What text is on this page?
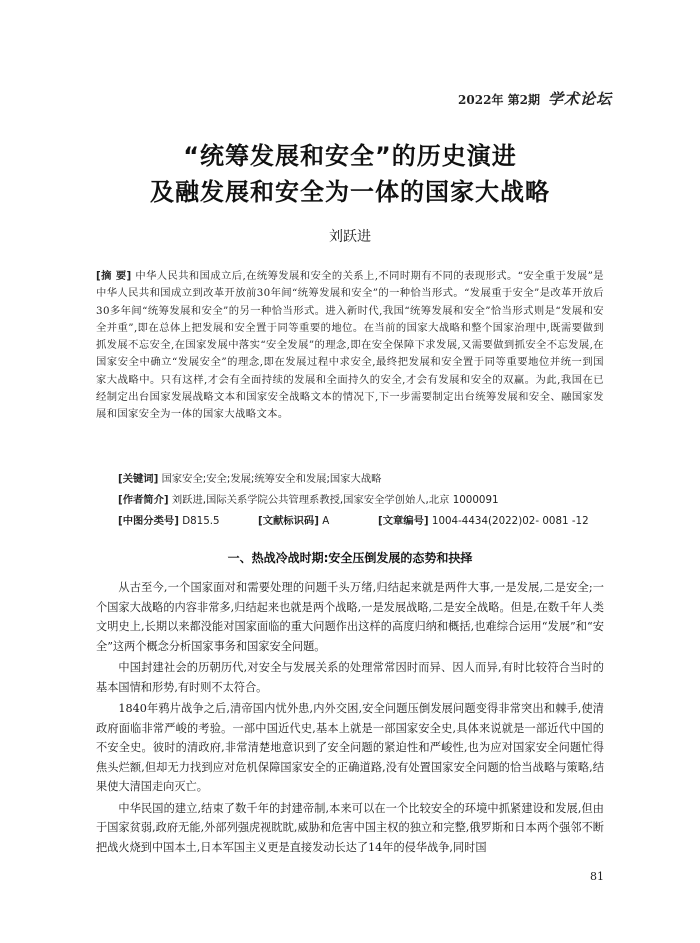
2022年 第2期 学术论坛
“统筹发展和安全”的历史演进
及融发展和安全为一体的国家大战略
刘跃进
[摘 要] 中华人民共和国成立后,在统筹发展和安全的关系上,不同时期有不同的表现形式。“安全重于发展”是中华人民共和国成立到改革开放前30年间“统筹发展和安全”的一种恰当形式。“发展重于安全”是改革开放后30多年间“统筹发展和安全”的另一种恰当形式。进入新时代,我国“统筹发展和安全”恰当形式则是“发展和安全并重”,即在总体上把发展和安全置于同等重要的地位。在当前的国家大战略和整个国家治理中,既需要做到抓发展不忘安全,在国家发展中落实“安全发展”的理念,即在安全保障下求发展,又需要做到抓安全不忘发展,在国家安全中确立“发展安全”的理念,即在发展过程中求安全,最终把发展和安全置于同等重要地位并统一到国家大战略中。只有这样,才会有全面持续的发展和全面持久的安全,才会有发展和安全的双赢。为此,我国在已经制定出台国家发展战略文本和国家安全战略文本的情况下,下一步需要制定出台统筹发展和安全、融国家发展和国家安全为一体的国家大战略文本。
[关键词] 国家安全;安全;发展;统筹安全和发展;国家大战略
[作者简介] 刘跃进,国际关系学院公共管理系教授,国家安全学创始人,北京 1000091
[中图分类号] D815.5	[文献标识码] A	[文章编号] 1004-4434(2022)02- 0081 -12
一、热战冷战时期:安全压倒发展的态势和抉择

从古至今,一个国家面对和需要处理的问题千头万绪,归结起来就是两件大事,一是发展,二是安全;一个国家大战略的内容非常多,归结起来也就是两个战略,一是发展战略,二是安全战略。但是,在数千年人类文明史上,长期以来都没能对国家面临的重大问题作出这样的高度归纳和概括,也难综合运用“发展”和“安全”这两个概念分析国家事务和国家安全问题。

中国封建社会的历朝历代,对安全与发展关系的处理常常因时而异、因人而异,有时比较符合当时的基本国情和形势,有时则不太符合。

1840年鸦片战争之后,清帝国内忧外患,内外交困,安全问题压倒发展问题变得非常突出和棘手,使清政府面临非常严峻的考验。一部中国近代史,基本上就是一部国家安全史,具体来说就是一部近代中国的不安全史。彼时的清政府,非常清楚地意识到了安全问题的紧迫性和严峻性,也为应对国家安全问题忙得焦头烂额,但却无力找到应对危机保障国家安全的正确道路,没有处置国家安全问题的恰当战略与策略,结果使大清国走向灭亡。

中华民国的建立,结束了数千年的封建帝制,本来可以在一个比较安全的环境中抓紧建设和发展,但由于国家贫弱,政府无能,外部列强虎视眈眈,威胁和危害中国主权的独立和完整,俄罗斯和日本两个强邻不断把战火烧到中国本土,日本军国主义更是直接发动长达了14年的侵华战争,同时国

81
